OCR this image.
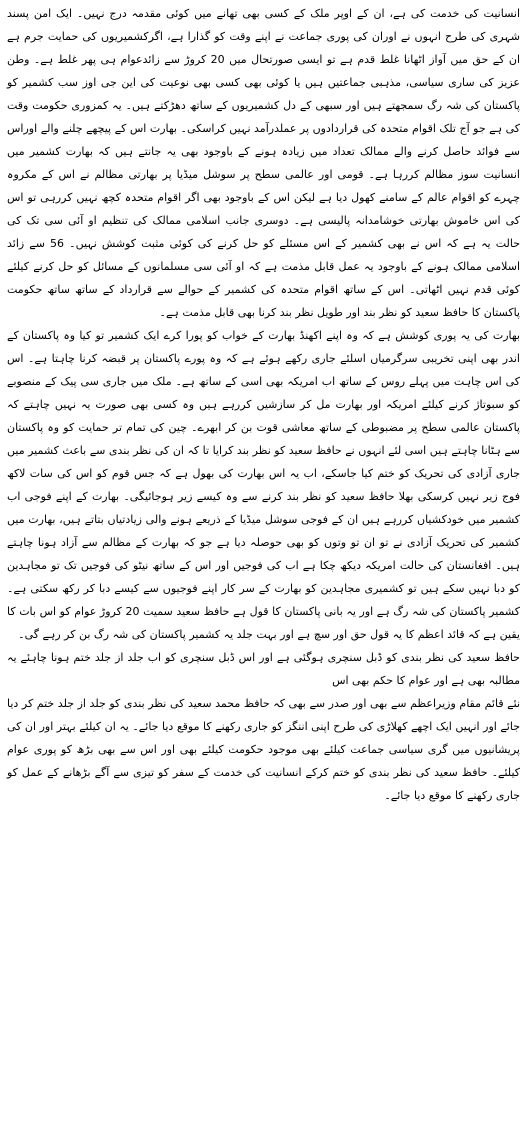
انسانیت کی خدمت کی ہے، ان کے اوپر ملک کے کسی بھی تھانے میں کوئی مقدمہ درج نہیں۔ ایک امن پسند شہری کی طرح انہوں نے اوران کی پوری جماعت نے اپنے وقت کو گذارا ہے، اگرکشمیریوں کی حمایت جرم ہے ان کے حق میں آواز اٹھانا غلط قدم ہے تو ایسی صورتحال میں 20 کروڑ سے زائدعوام ہی پھر غلط ہے۔ وطن عزیز کی ساری سیاسی، مذہبی جماعتیں ہیں یا کوئی بھی کسی بھی نوعیت کی این جی اوز سب کشمیر کو پاکستان کی شہ رگ سمجھتے ہیں اور سبھی کے دل کشمیریوں کے ساتھ دھڑکتے ہیں۔ یہ کمزوری حکومت وقت کی ہے جو آج تلک اقوام متحدہ کی قراردادوں پر عملدرآمد نہیں کراسکی۔ بھارت اس کے پیچھے چلنے والے اوراس سے فوائد حاصل کرنے والے ممالک تعداد میں زیادہ ہونے کے باوجود بھی یہ جانتے ہیں کہ بھارت کشمیر میں انسانیت سوز مظالم کررہا ہے۔ قومی اور عالمی سطح پر سوشل میڈیا پر بھارتی مظالم نے اس کے مکروہ چہرے کو اقوام عالم کے سامنے کھول دیا ہے لیکن اس کے باوجود بھی اگر اقوام متحدہ کچھ نہیں کررہی تو اس کی اس خاموش بھارتی خوشامدانہ پالیسی ہے۔ دوسری جانب اسلامی ممالک کی تنظیم او آئی سی تک کی حالت یہ ہے کہ اس نے بھی کشمیر کے اس مسئلے کو حل کرنے کی کوئی مثبت کوشش نہیں۔ 56 سے زائد اسلامی ممالک ہونے کے باوجود یہ عمل قابل مذمت ہے کہ او آئی سی مسلمانوں کے مسائل کو حل کرنے کیلئے کوئی قدم نہیں اٹھاتی۔ اس کے ساتھ اقوام متحدہ کی کشمیر کے حوالے سے قرارداد کے ساتھ ساتھ حکومت پاکستان کا حافظ سعید کو نظر بند اور طویل نظر بند کرنا بھی قابل مذمت ہے۔

بھارت کی یہ پوری کوشش ہے کہ وہ اپنے اکھنڈ بھارت کے خواب کو پورا کرے ایک کشمیر تو کیا وہ پاکستان کے اندر بھی اپنی تخریبی سرگرمیاں اسلئے جاری رکھے ہوئے ہے کہ وہ پورے پاکستان پر قبضہ کرنا چاہتا ہے۔ اس کی اس چاہت میں پہلے روس کے ساتھ اب امریکہ بھی اسی کے ساتھ ہے۔ ملک میں جاری سی پیک کے منصوبے کو سبوتاژ کرنے کیلئے امریکہ اور بھارت مل کر سازشیں کررہے ہیں وہ کسی بھی صورت یہ نہیں چاہتے کہ پاکستان عالمی سطح پر مضبوطی کے ساتھ معاشی قوت بن کر ابھرے۔ چین کی تمام تر حمایت کو وہ پاکستان سے ہٹانا چاہتے ہیں اسی لئے انہوں نے حافظ سعید کو نظر بند کرایا تا کہ ان کی نظر بندی سے باعث کشمیر میں جاری آزادی کی تحریک کو ختم کیا جاسکے، اب یہ اس بھارت کی بھول ہے کہ جس قوم کو اس کی سات لاکھ فوج زیر نہیں کرسکی بھلا حافظ سعید کو نظر بند کرنے سے وہ کیسے زیر ہوجائیگی۔ بھارت کے اپنے فوجی اب کشمیر میں خودکشیاں کررہے ہیں ان کے فوجی سوشل میڈیا کے ذریعے ہونے والی زیادتیاں بتاتے ہیں، بھارت میں کشمیر کی تحریک آزادی نے تو ان تو وتوں کو بھی حوصلہ دیا ہے جو کہ بھارت کے مظالم سے آزاد ہونا چاہتے ہیں۔ افغانستان کی حالت امریکہ دیکھ چکا ہے اب کی فوجیں اور اس کے ساتھ نیٹو کی فوجیں تک تو مجاہدین کو دبا نہیں سکے ہیں تو کشمیری مجاہدین کو بھارت کے سر کار اپنے فوجیوں سے کیسے دبا کر رکھ سکتی ہے۔ کشمیر پاکستان کی شہ رگ ہے اور یہ بانی پاکستان کا قول ہے حافظ سعید سمیت 20 کروڑ عوام کو اس بات کا یقین ہے کہ قائد اعظم کا یہ قول حق اور سچ ہے اور بہت جلد یہ کشمیر پاکستان کی شہ رگ بن کر رہے گی۔

حافظ سعید کی نظر بندی کو ڈبل سنچری ہوگئی ہے اور اس ڈبل سنچری کو اب جلد از جلد ختم ہونا چاہئے یہ مطالبہ بھی ہے اور عوام کا حکم بھی اس

نئے قائم مقام وزیراعظم سے بھی اور صدر سے بھی کہ حافظ محمد سعید کی نظر بندی کو جلد از جلد ختم کر دیا جائے اور انہیں ایک اچھے کھلاڑی کی طرح اپنی اننگز کو جاری رکھنے کا موقع دیا جائے۔ یہ ان کیلئے بہتر اور ان کی پریشانیوں میں گری سیاسی جماعت کیلئے بھی موجود حکومت کیلئے بھی اور اس سے بھی بڑھ کو پوری عوام کیلئے۔ حافظ سعید کی نظر بندی کو ختم کرکے انسانیت کی خدمت کے سفر کو تیزی سے آگے بڑھانے کے عمل کو جاری رکھنے کا موقع دیا جائے۔
